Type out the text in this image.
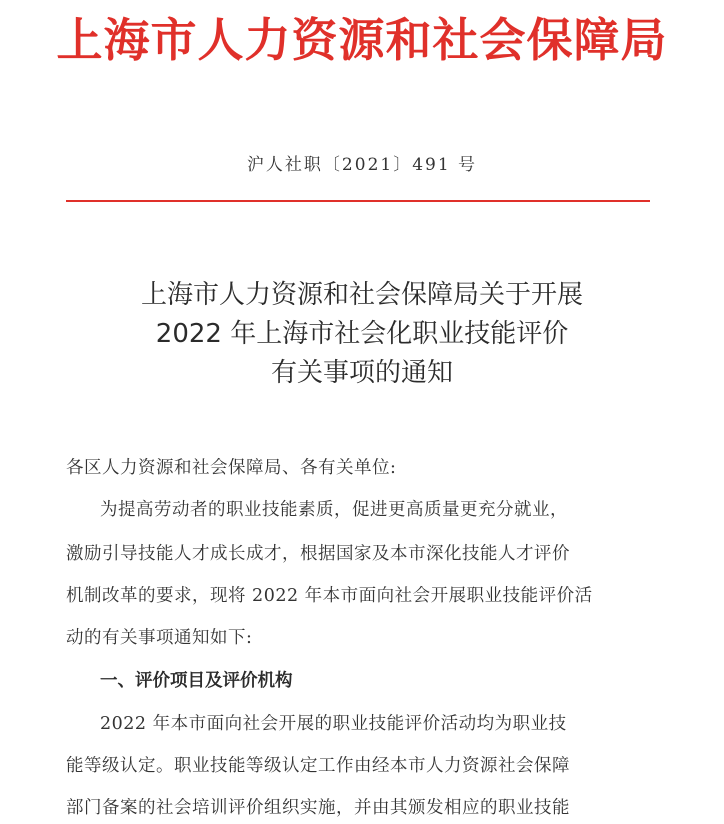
上海市人力资源和社会保障局
沪人社职〔2021〕491 号
上海市人力资源和社会保障局关于开展
2022 年上海市社会化职业技能评价
有关事项的通知
各区人力资源和社会保障局、各有关单位:
为提高劳动者的职业技能素质，促进更高质量更充分就业，
激励引导技能人才成长成才，根据国家及本市深化技能人才评价
机制改革的要求，现将 2022 年本市面向社会开展职业技能评价活
动的有关事项通知如下:
一、评价项目及评价机构
2022 年本市面向社会开展的职业技能评价活动均为职业技
能等级认定。职业技能等级认定工作由经本市人力资源社会保障
部门备案的社会培训评价组织实施，并由其颁发相应的职业技能
